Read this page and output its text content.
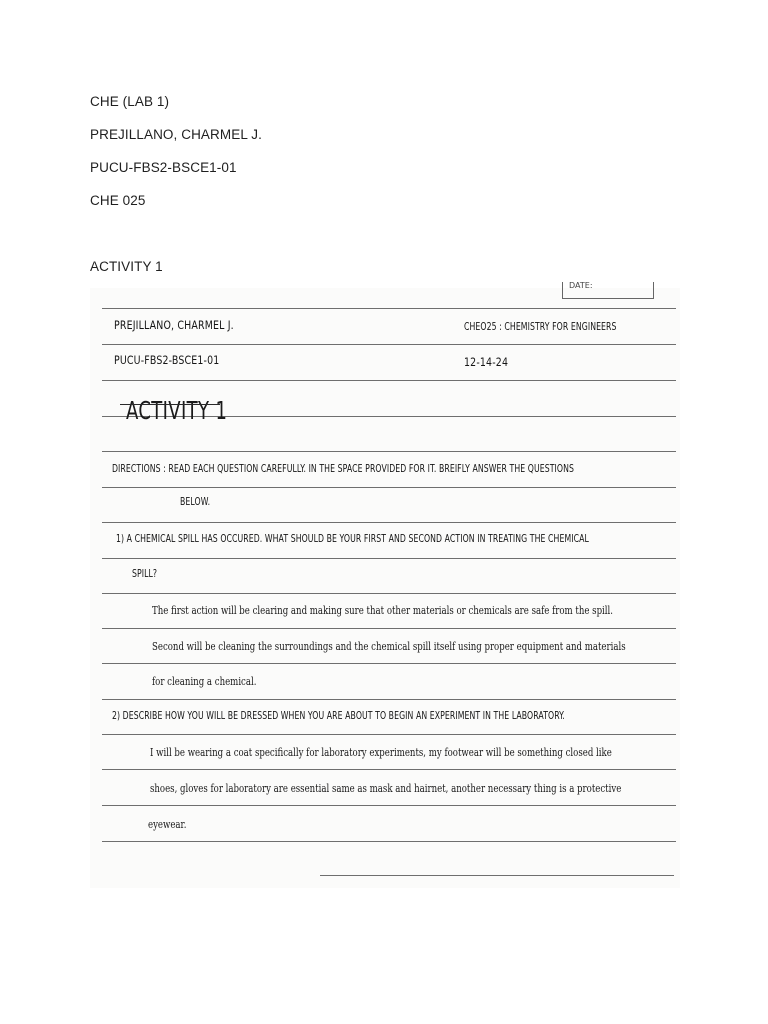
CHE (LAB 1)
PREJILLANO, CHARMEL J.
PUCU-FBS2-BSCE1-01
CHE 025
ACTIVITY 1
DATE:
PREJILLANO, CHARMEL J.	CHEO25 : CHEMISTRY FOR ENGINEERS
PUCU-FBS2-BSCE1-01	12-14-24
ACTIVITY 1
DIRECTIONS : READ EACH QUESTION CAREFULLY. IN THE SPACE PROVIDED FOR IT. BREIFLY ANSWER THE QUESTIONS
BELOW.
1) A CHEMICAL SPILL HAS OCCURED. WHAT SHOULD BE YOUR FIRST AND SECOND ACTION IN TREATING THE CHEMICAL
SPILL?
The first action will be clearing and making sure that other materials or chemicals are safe from the spill.
Second will be cleaning the surroundings and the chemical spill itself using proper equipment and materials
for cleaning a chemical.
2) DESCRIBE HOW YOU WILL BE DRESSED WHEN YOU ARE ABOUT TO BEGIN AN EXPERIMENT IN THE LABORATORY.
I will be wearing a coat specifically for laboratory experiments, my footwear will be something closed like
shoes, gloves for laboratory are essential same as mask and hairnet, another necessary thing is a protective
eyewear.
